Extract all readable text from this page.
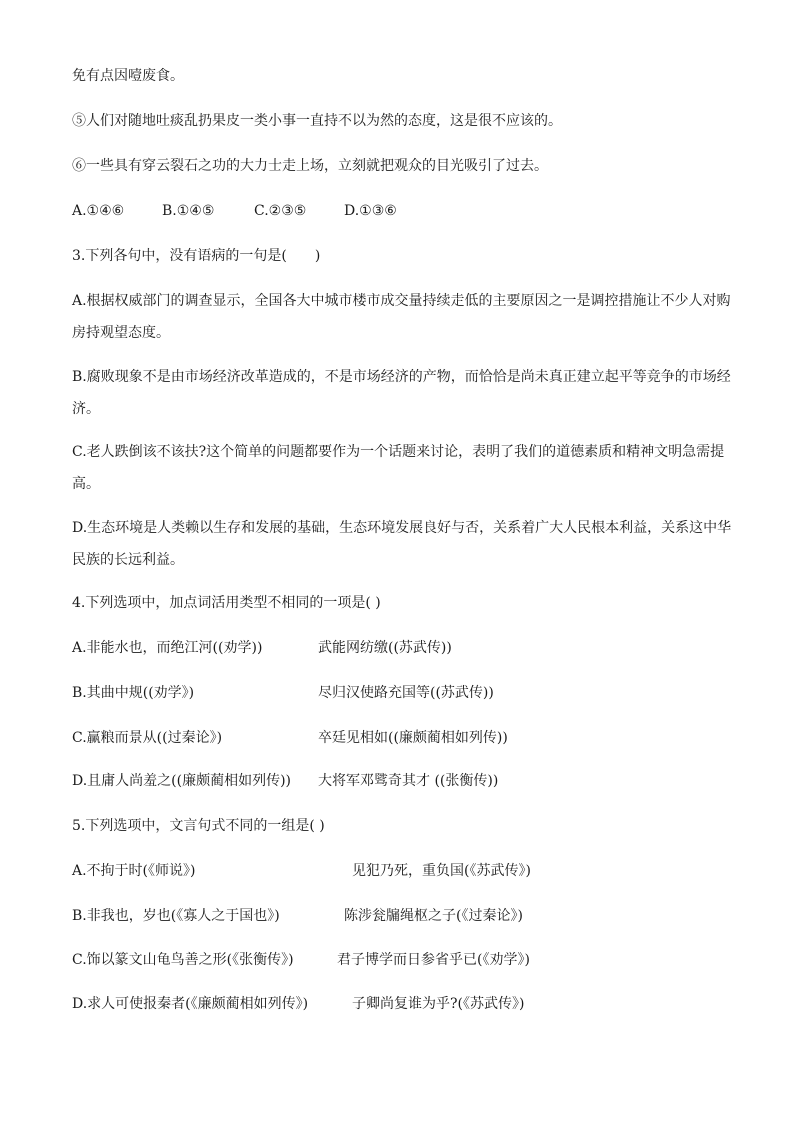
免有点因噎废食。
⑤人们对随地吐痰乱扔果皮一类小事一直持不以为然的态度，这是很不应该的。
⑥一些具有穿云裂石之功的大力士走上场，立刻就把观众的目光吸引了过去。
A.①④⑥	B.①④⑤	C.②③⑤	D.①③⑥
3.下列各句中，没有语病的一句是(　　)
A.根据权威部门的调查显示，全国各大中城市楼市成交量持续走低的主要原因之一是调控措施让不少人对购房持观望态度。
B.腐败现象不是由市场经济改革造成的，不是市场经济的产物，而恰恰是尚未真正建立起平等竞争的市场经济。
C.老人跌倒该不该扶?这个简单的问题都要作为一个话题来讨论，表明了我们的道德素质和精神文明急需提高。
D.生态环境是人类赖以生存和发展的基础，生态环境发展良好与否，关系着广大人民根本利益，关系这中华民族的长远利益。
4.下列选项中，加点词活用类型不相同的一项是( )
A.非能水也，而绝江河((劝学))	武能网纺缴((苏武传))
B.其曲中规((劝学》)	尽归汉使路充国等((苏武传))
C.赢粮而景从((过秦论》)	卒廷见相如((廉颇蔺相如列传))
D.且庸人尚羞之((廉颇蔺相如列传)) 大将军邓骘奇其才 ((张衡传))
5.下列选项中，文言句式不同的一组是( )
A.不拘于时(《师说》)	见犯乃死，重负国(《苏武传》)
B.非我也，岁也(《寡人之于国也》)	陈涉瓮牖绳枢之子(《过秦论》)
C.饰以篆文山龟鸟善之形(《张衡传》)	君子博学而日参省乎已(《劝学》)
D.求人可使报秦者(《廉颇蔺相如列传》)	子卿尚复谁为乎?(《苏武传》)
